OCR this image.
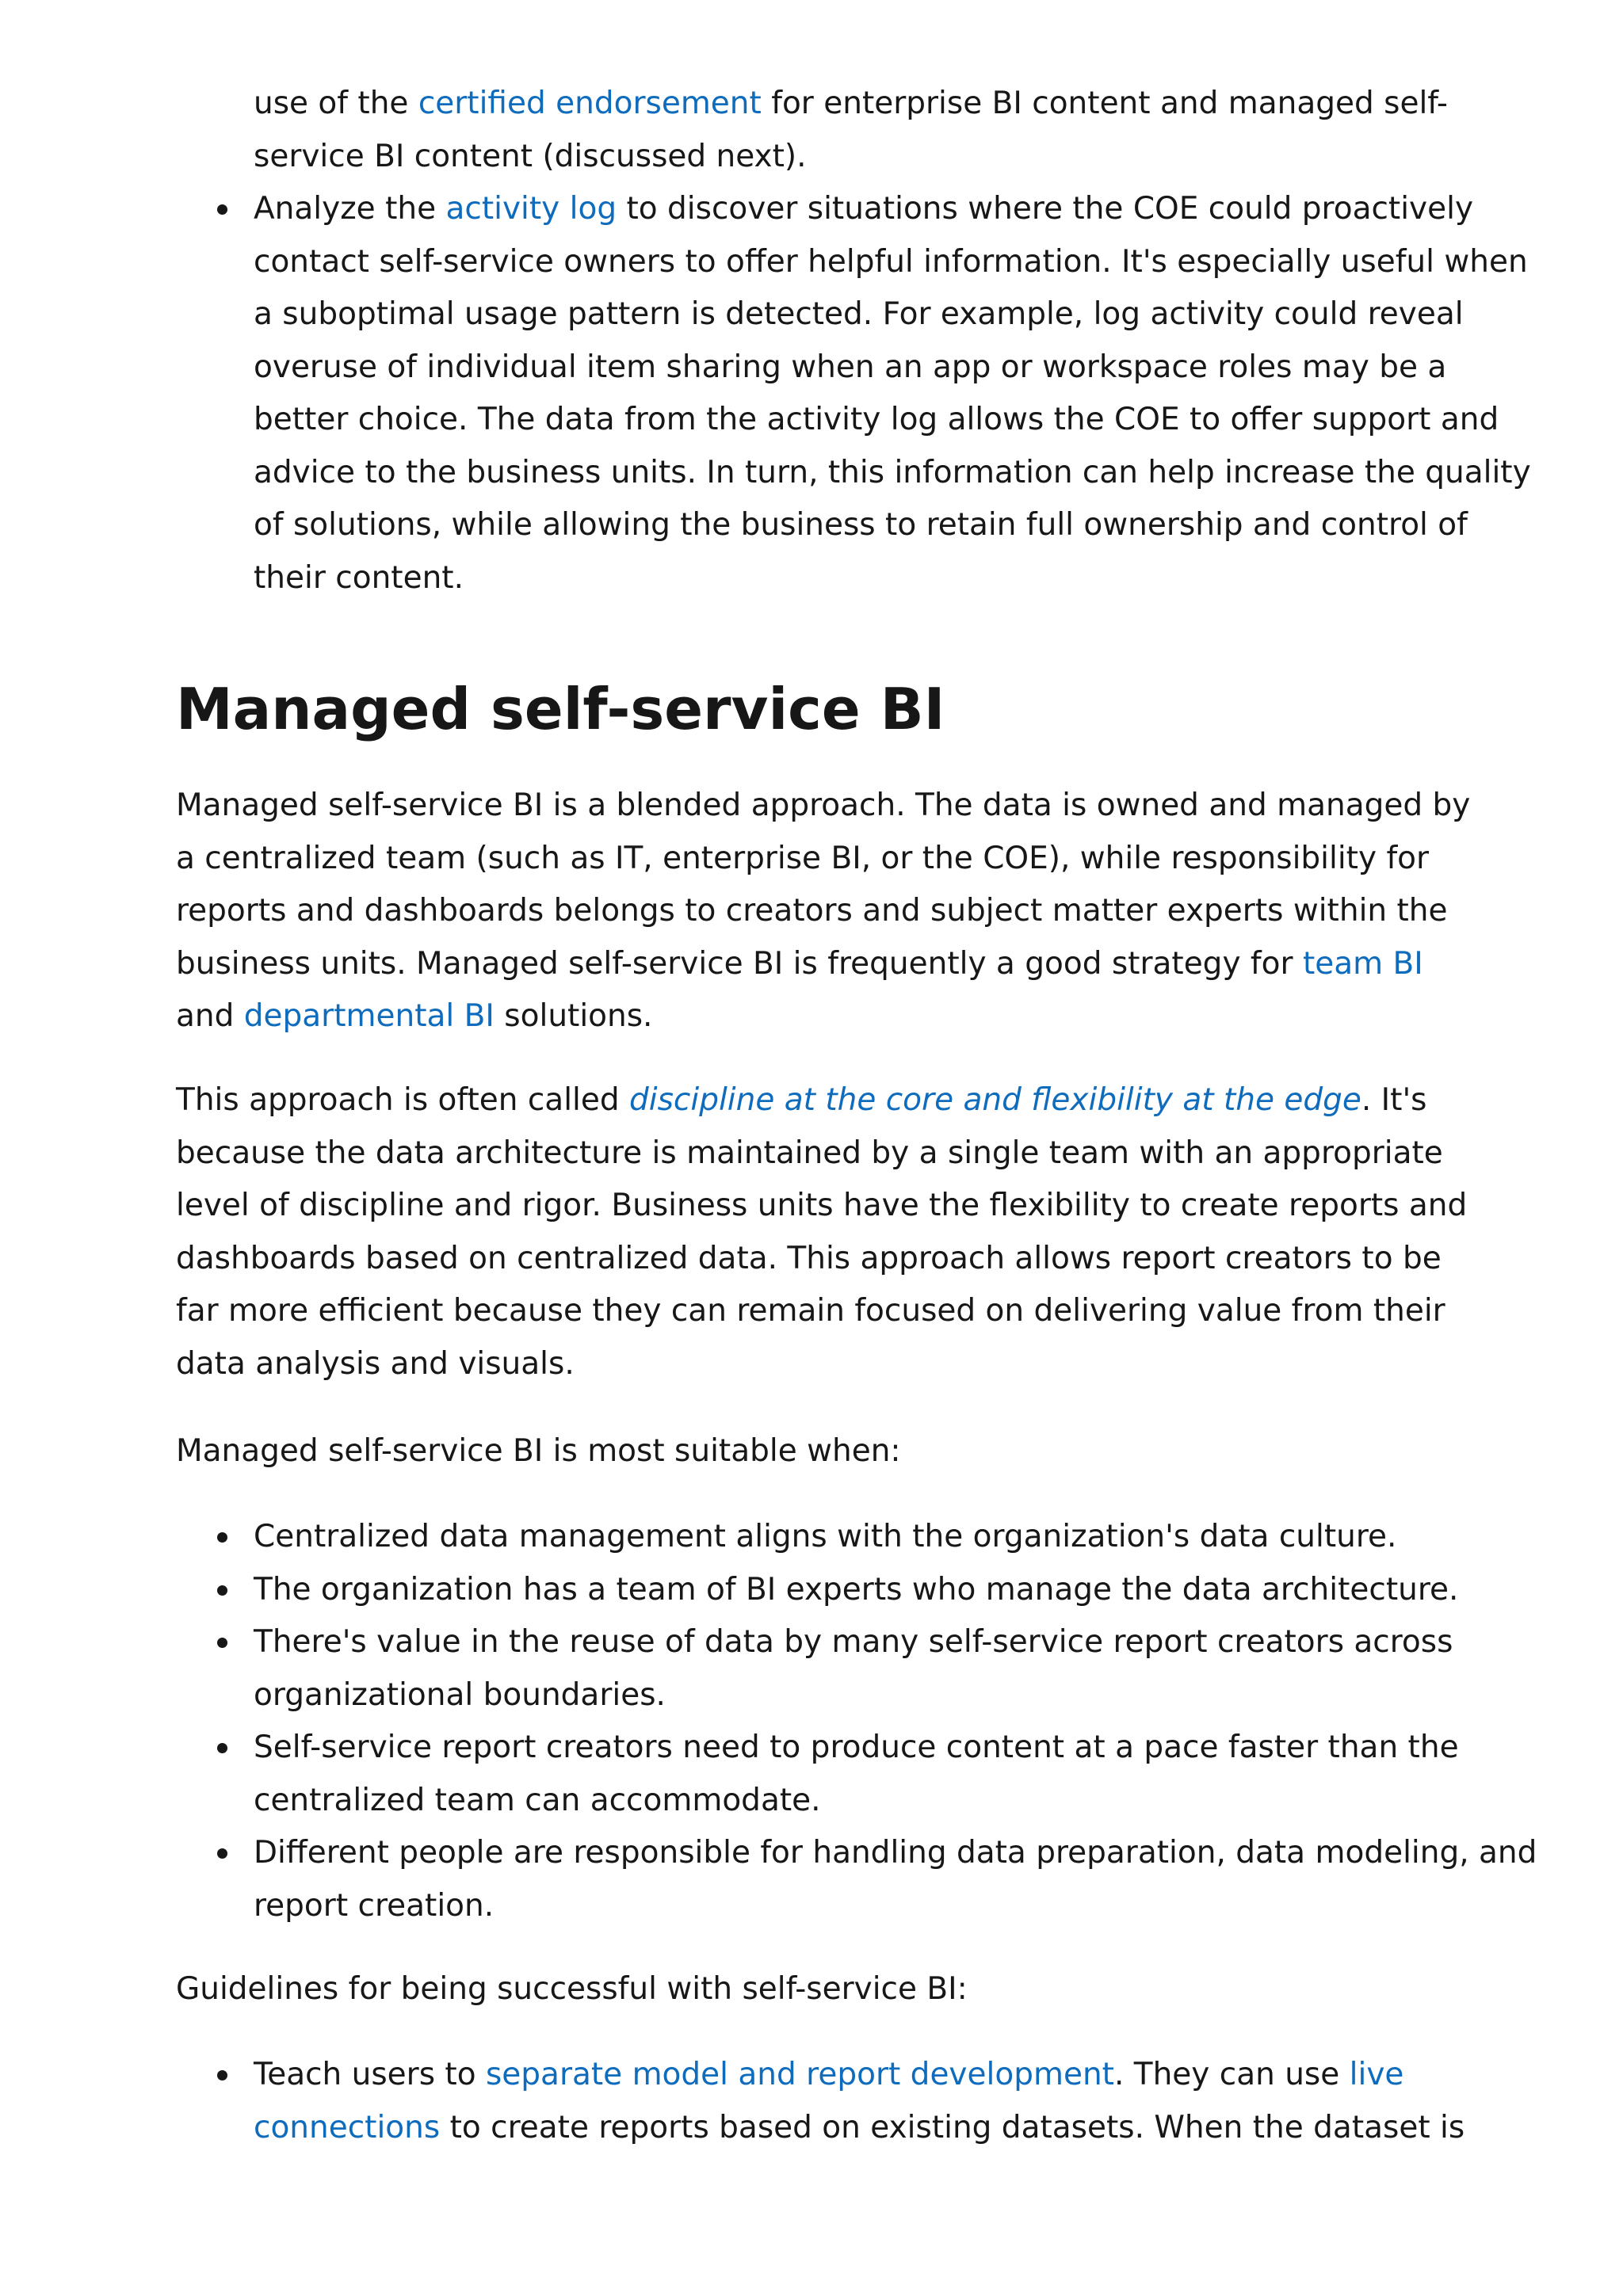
use of the certified endorsement for enterprise BI content and managed self-service BI content (discussed next).
Analyze the activity log to discover situations where the COE could proactively contact self-service owners to offer helpful information. It's especially useful when a suboptimal usage pattern is detected. For example, log activity could reveal overuse of individual item sharing when an app or workspace roles may be a better choice. The data from the activity log allows the COE to offer support and advice to the business units. In turn, this information can help increase the quality of solutions, while allowing the business to retain full ownership and control of their content.
Managed self-service BI

Managed self-service BI is a blended approach. The data is owned and managed by a centralized team (such as IT, enterprise BI, or the COE), while responsibility for reports and dashboards belongs to creators and subject matter experts within the business units. Managed self-service BI is frequently a good strategy for team BI and departmental BI solutions.

This approach is often called discipline at the core and flexibility at the edge. It's because the data architecture is maintained by a single team with an appropriate level of discipline and rigor. Business units have the flexibility to create reports and dashboards based on centralized data. This approach allows report creators to be far more efficient because they can remain focused on delivering value from their data analysis and visuals.

Managed self-service BI is most suitable when:

Centralized data management aligns with the organization's data culture.
The organization has a team of BI experts who manage the data architecture.
There's value in the reuse of data by many self-service report creators across organizational boundaries.
Self-service report creators need to produce content at a pace faster than the centralized team can accommodate.
Different people are responsible for handling data preparation, data modeling, and report creation.

Guidelines for being successful with self-service BI:

Teach users to separate model and report development. They can use live connections to create reports based on existing datasets. When the dataset is
